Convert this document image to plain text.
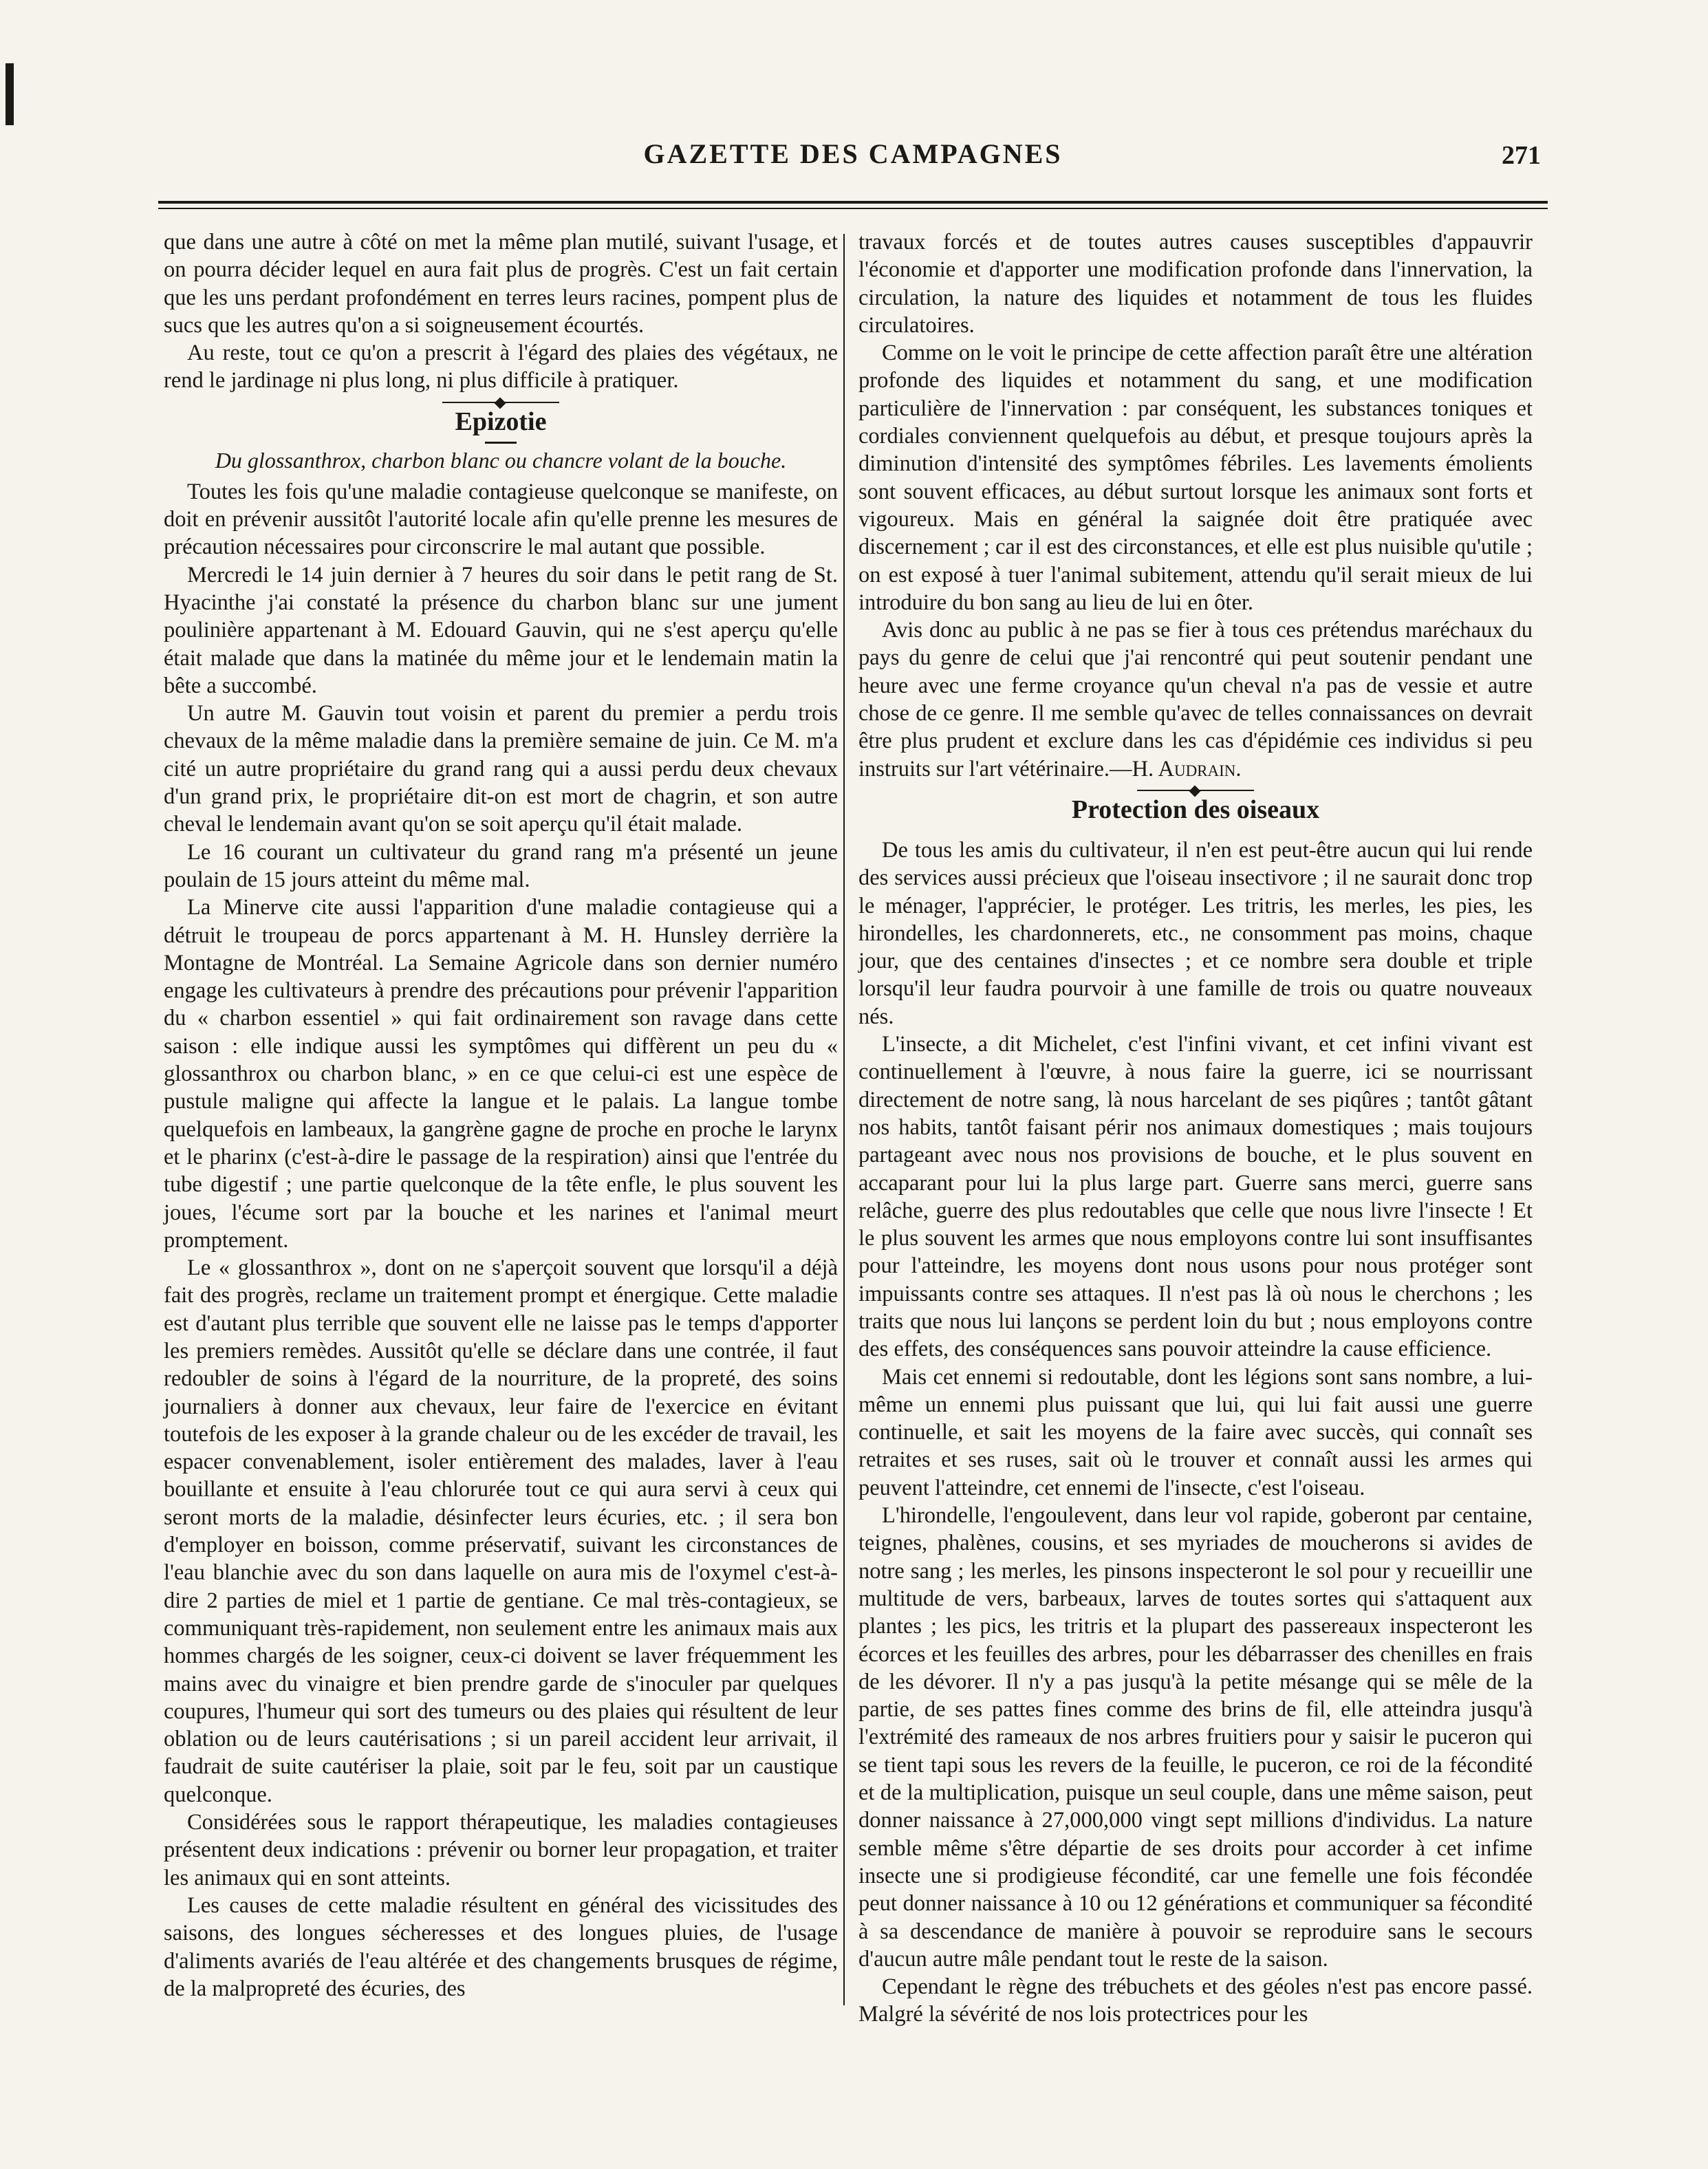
GAZETTE DES CAMPAGNES	271

que dans une autre à côté on met la même plan mutilé, suivant l'usage, et on pourra décider lequel en aura fait plus de progrès. C'est un fait certain que les uns perdant profondément en terres leurs racines, pompent plus de sucs que les autres qu'on a si soigneusement écourtés.

Au reste, tout ce qu'on a prescrit à l'égard des plaies des végétaux, ne rend le jardinage ni plus long, ni plus difficile à pratiquer.

Epizotie
Du glossanthrox, charbon blanc ou chancre volant de la bouche.

Toutes les fois qu'une maladie contagieuse quelconque se manifeste, on doit en prévenir aussitôt l'autorité locale afin qu'elle prenne les mesures de précaution nécessaires pour circonscrire le mal autant que possible.

Mercredi le 14 juin dernier à 7 heures du soir dans le petit rang de St. Hyacinthe j'ai constaté la présence du charbon blanc sur une jument poulinière appartenant à M. Edouard Gauvin, qui ne s'est aperçu qu'elle était malade que dans la matinée du même jour et le lendemain matin la bête a succombé.

Un autre M. Gauvin tout voisin et parent du premier a perdu trois chevaux de la même maladie dans la première semaine de juin. Ce M. m'a cité un autre propriétaire du grand rang qui a aussi perdu deux chevaux d'un grand prix, le propriétaire dit-on est mort de chagrin, et son autre cheval le lendemain avant qu'on se soit aperçu qu'il était malade.

Le 16 courant un cultivateur du grand rang m'a présenté un jeune poulain de 15 jours atteint du même mal.

La Minerve cite aussi l'apparition d'une maladie contagieuse qui a détruit le troupeau de porcs appartenant à M. H. Hunsley derrière la Montagne de Montréal. La Semaine Agricole dans son dernier numéro engage les cultivateurs à prendre des précautions pour prévenir l'apparition du « charbon essentiel » qui fait ordinairement son ravage dans cette saison : elle indique aussi les symptômes qui diffèrent un peu du « glossanthrox ou charbon blanc, » en ce que celui-ci est une espèce de pustule maligne qui affecte la langue et le palais. La langue tombe quelquefois en lambeaux, la gangrène gagne de proche en proche le larynx et le pharinx (c'est-à-dire le passage de la respiration) ainsi que l'entrée du tube digestif ; une partie quelconque de la tête enfle, le plus souvent les joues, l'écume sort par la bouche et les narines et l'animal meurt promptement.

Le « glossanthrox », dont on ne s'aperçoit souvent que lorsqu'il a déjà fait des progrès, reclame un traitement prompt et énergique. Cette maladie est d'autant plus terrible que souvent elle ne laisse pas le temps d'apporter les premiers remèdes. Aussitôt qu'elle se déclare dans une contrée, il faut redoubler de soins à l'égard de la nourriture, de la propreté, des soins journaliers à donner aux chevaux, leur faire de l'exercice en évitant toutefois de les exposer à la grande chaleur ou de les excéder de travail, les espacer convenablement, isoler entièrement des malades, laver à l'eau bouillante et ensuite à l'eau chlorurée tout ce qui aura servi à ceux qui seront morts de la maladie, désinfecter leurs écuries, etc. ; il sera bon d'employer en boisson, comme préservatif, suivant les circonstances de l'eau blanchie avec du son dans laquelle on aura mis de l'oxymel c'est-à-dire 2 parties de miel et 1 partie de gentiane. Ce mal très-contagieux, se communiquant très-rapidement, non seulement entre les animaux mais aux hommes chargés de les soigner, ceux-ci doivent se laver fréquemment les mains avec du vinaigre et bien prendre garde de s'inoculer par quelques coupures, l'humeur qui sort des tumeurs ou des plaies qui résultent de leur oblation ou de leurs cautérisations ; si un pareil accident leur arrivait, il faudrait de suite cautériser la plaie, soit par le feu, soit par un caustique quelconque.

Considérées sous le rapport thérapeutique, les maladies contagieuses présentent deux indications : prévenir ou borner leur propagation, et traiter les animaux qui en sont atteints.

Les causes de cette maladie résultent en général des vicissitudes des saisons, des longues sécheresses et des longues pluies, de l'usage d'aliments avariés de l'eau altérée et des changements brusques de régime, de la malpropreté des écuries, des

travaux forcés et de toutes autres causes susceptibles d'appauvrir l'économie et d'apporter une modification profonde dans l'innervation, la circulation, la nature des liquides et notamment de tous les fluides circulatoires.

Comme on le voit le principe de cette affection paraît être une altération profonde des liquides et notamment du sang, et une modification particulière de l'innervation : par conséquent, les substances toniques et cordiales conviennent quelquefois au début, et presque toujours après la diminution d'intensité des symptômes fébriles. Les lavements émolients sont souvent efficaces, au début surtout lorsque les animaux sont forts et vigoureux. Mais en général la saignée doit être pratiquée avec discernement ; car il est des circonstances, et elle est plus nuisible qu'utile ; on est exposé à tuer l'animal subitement, attendu qu'il serait mieux de lui introduire du bon sang au lieu de lui en ôter.

Avis donc au public à ne pas se fier à tous ces prétendus maréchaux du pays du genre de celui que j'ai rencontré qui peut soutenir pendant une heure avec une ferme croyance qu'un cheval n'a pas de vessie et autre chose de ce genre. Il me semble qu'avec de telles connaissances on devrait être plus prudent et exclure dans les cas d'épidémie ces individus si peu instruits sur l'art vétérinaire.—H. Audrain.

Protection des oiseaux

De tous les amis du cultivateur, il n'en est peut-être aucun qui lui rende des services aussi précieux que l'oiseau insectivore ; il ne saurait donc trop le ménager, l'apprécier, le protéger. Les tritris, les merles, les pies, les hirondelles, les chardonnerets, etc., ne consomment pas moins, chaque jour, que des centaines d'insectes ; et ce nombre sera double et triple lorsqu'il leur faudra pourvoir à une famille de trois ou quatre nouveaux nés.

L'insecte, a dit Michelet, c'est l'infini vivant, et cet infini vivant est continuellement à l'œuvre, à nous faire la guerre, ici se nourrissant directement de notre sang, là nous harcelant de ses piqûres ; tantôt gâtant nos habits, tantôt faisant périr nos animaux domestiques ; mais toujours partageant avec nous nos provisions de bouche, et le plus souvent en accaparant pour lui la plus large part. Guerre sans merci, guerre sans relâche, guerre des plus redoutables que celle que nous livre l'insecte ! Et le plus souvent les armes que nous employons contre lui sont insuffisantes pour l'atteindre, les moyens dont nous usons pour nous protéger sont impuissants contre ses attaques. Il n'est pas là où nous le cherchons ; les traits que nous lui lançons se perdent loin du but ; nous employons contre des effets, des conséquences sans pouvoir atteindre la cause efficience.

Mais cet ennemi si redoutable, dont les légions sont sans nombre, a lui-même un ennemi plus puissant que lui, qui lui fait aussi une guerre continuelle, et sait les moyens de la faire avec succès, qui connaît ses retraites et ses ruses, sait où le trouver et connaît aussi les armes qui peuvent l'atteindre, cet ennemi de l'insecte, c'est l'oiseau.

L'hirondelle, l'engoulevent, dans leur vol rapide, goberont par centaine, teignes, phalènes, cousins, et ses myriades de moucherons si avides de notre sang ; les merles, les pinsons inspecteront le sol pour y recueillir une multitude de vers, barbeaux, larves de toutes sortes qui s'attaquent aux plantes ; les pics, les tritris et la plupart des passereaux inspecteront les écorces et les feuilles des arbres, pour les débarrasser des chenilles en frais de les dévorer. Il n'y a pas jusqu'à la petite mésange qui se mêle de la partie, de ses pattes fines comme des brins de fil, elle atteindra jusqu'à l'extrémité des rameaux de nos arbres fruitiers pour y saisir le puceron qui se tient tapi sous les revers de la feuille, le puceron, ce roi de la fécondité et de la multiplication, puisque un seul couple, dans une même saison, peut donner naissance à 27,000,000 vingt sept millions d'individus. La nature semble même s'être départie de ses droits pour accorder à cet infime insecte une si prodigieuse fécondité, car une femelle une fois fécondée peut donner naissance à 10 ou 12 générations et communiquer sa fécondité à sa descendance de manière à pouvoir se reproduire sans le secours d'aucun autre mâle pendant tout le reste de la saison.

Cependant le règne des trébuchets et des géoles n'est pas encore passé. Malgré la sévérité de nos lois protectrices pour les
